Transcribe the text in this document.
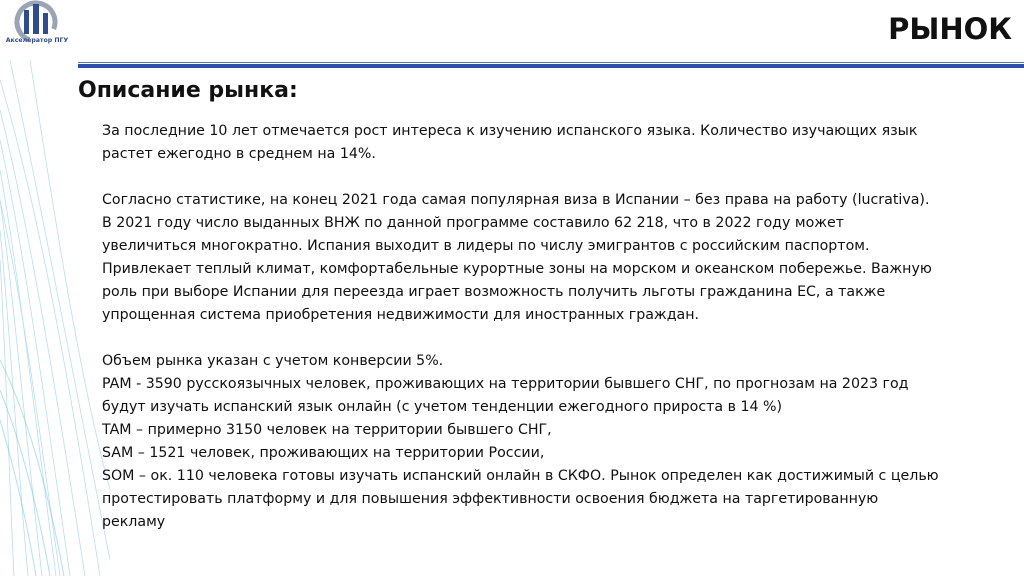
Акселератор ПГУ	РЫНОК
Описание рынка:

За последние 10 лет отмечается рост интереса к изучению испанского языка. Количество изучающих язык растет ежегодно в среднем на 14%.

Согласно статистике, на конец 2021 года самая популярная виза в Испании – без права на работу (lucrativa). В 2021 году число выданных ВНЖ по данной программе составило 62 218, что в 2022 году может увеличиться многократно. Испания выходит в лидеры по числу эмигрантов с российским паспортом. Привлекает теплый климат, комфортабельные курортные зоны на морском и океанском побережье. Важную роль при выборе Испании для переезда играет возможность получить льготы гражданина ЕС, а также упрощенная система приобретения недвижимости для иностранных граждан.

Объем рынка указан с учетом конверсии 5%.

PAM - 3590 русскоязычных человек, проживающих на территории бывшего СНГ, по прогнозам на 2023 год будут изучать испанский язык онлайн (с учетом тенденции ежегодного прироста в 14 %)

TAM – примерно 3150 человек на территории бывшего СНГ,

SAM – 1521 человек, проживающих на территории России,

SOM – ок. 110 человека готовы изучать испанский онлайн в СКФО. Рынок определен как достижимый с целью протестировать платформу и для повышения эффективности освоения бюджета на таргетированную рекламу
